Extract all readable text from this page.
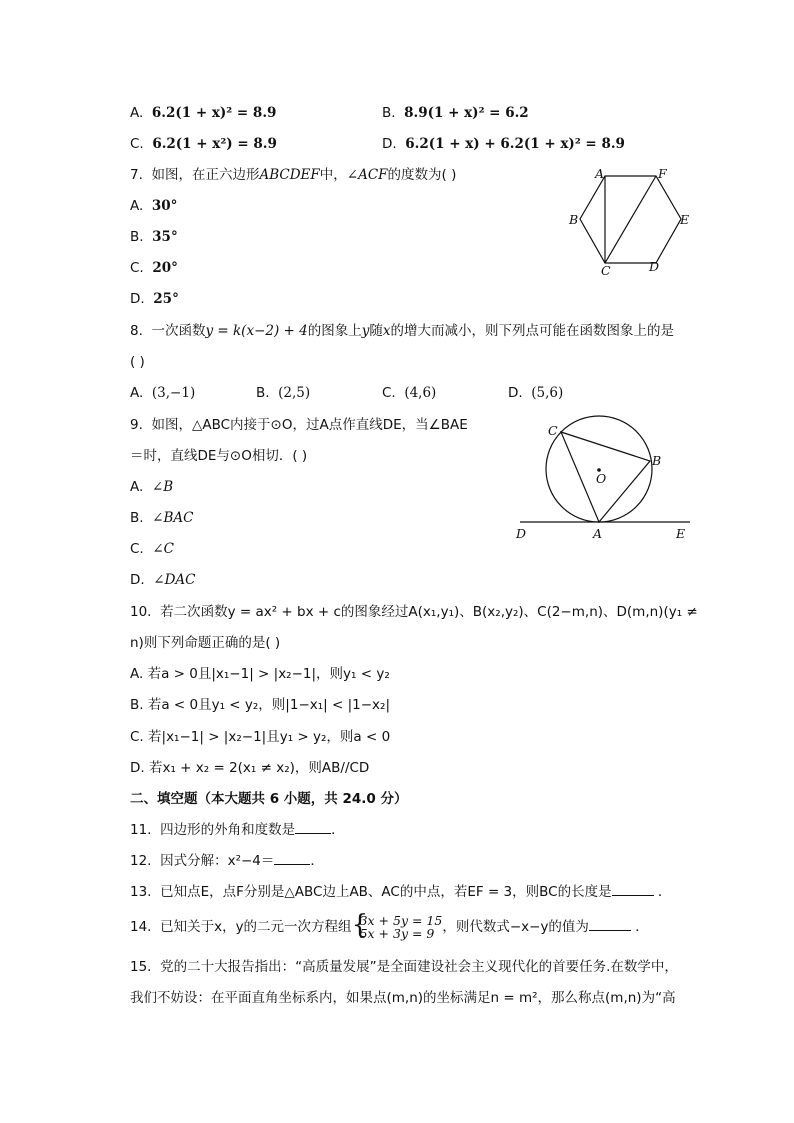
A. 6.2(1 + x)² = 8.9	B. 8.9(1 + x)² = 6.2
C. 6.2(1 + x²) = 8.9	D. 6.2(1 + x) + 6.2(1 + x)² = 8.9
7. 如图，在正六边形ABCDEF中，∠ACF的度数为( )
A. 30°
B. 35°
C. 20°
D. 25°
A	F
B	E
C	D
8. 一次函数y = k(x−2) + 4的图象上y随x的增大而减小，则下列点可能在函数图象上的是
( )
A. (3,−1)	B. (2,5)	C. (4,6)	D. (5,6)
9. 如图，△ABC内接于⊙O，过A点作直线DE，当∠BAE
＝时，直线DE与⊙O相切．( )
A. ∠B
B. ∠BAC
C. ∠C
D. ∠DAC
C
B
O
D	A	E
10. 若二次函数y = ax² + bx + c的图象经过A(x₁,y₁)、B(x₂,y₂)、C(2−m,n)、D(m,n)(y₁ ≠
n)则下列命题正确的是( )
A. 若a > 0且|x₁−1| > |x₂−1|，则y₁ < y₂
B. 若a < 0且y₁ < y₂，则|1−x₁| < |1−x₂|
C. 若|x₁−1| > |x₂−1|且y₁ > y₂，则a < 0
D. 若x₁ + x₂ = 2(x₁ ≠ x₂)，则AB//CD
二、填空题（本大题共 6 小题，共 24.0 分）
11. 四边形的外角和度数是	．
12. 因式分解：x²−4＝	．
13. 已知点E，点F分别是△ABC边上AB、AC的中点，若EF = 3，则BC的长度是	．
14. 已知关于x，y的二元一次方程组 {
3x + 5y = 15
5x + 3y = 9 ，则代数式−x−y的值为	．
15. 党的二十大报告指出：“高质量发展”是全面建设社会主义现代化的首要任务.在数学中，
我们不妨设：在平面直角坐标系内，如果点(m,n)的坐标满足n = m²，那么称点(m,n)为“高
